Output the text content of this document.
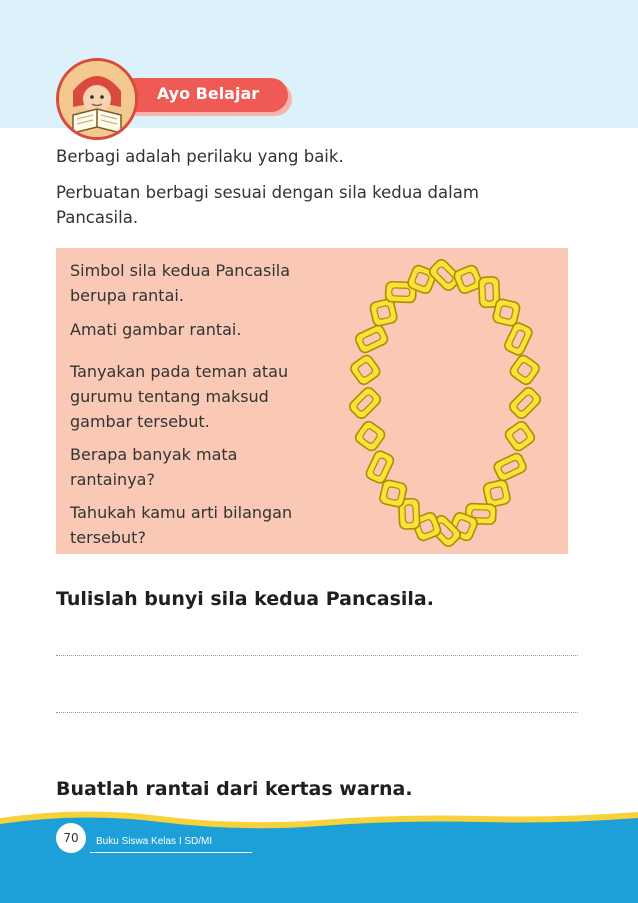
Ayo Belajar
Berbagi adalah perilaku yang baik.
Perbuatan berbagi sesuai dengan sila kedua dalam
Pancasila.
Simbol sila kedua Pancasila
berupa rantai.
Amati gambar rantai.
Tanyakan pada teman atau
gurumu tentang maksud
gambar tersebut.
Berapa banyak mata
rantainya?
Tahukah kamu arti bilangan
tersebut?
Tulislah bunyi sila kedua Pancasila.
Buatlah rantai dari kertas warna.
70	Buku Siswa Kelas I SD/MI
